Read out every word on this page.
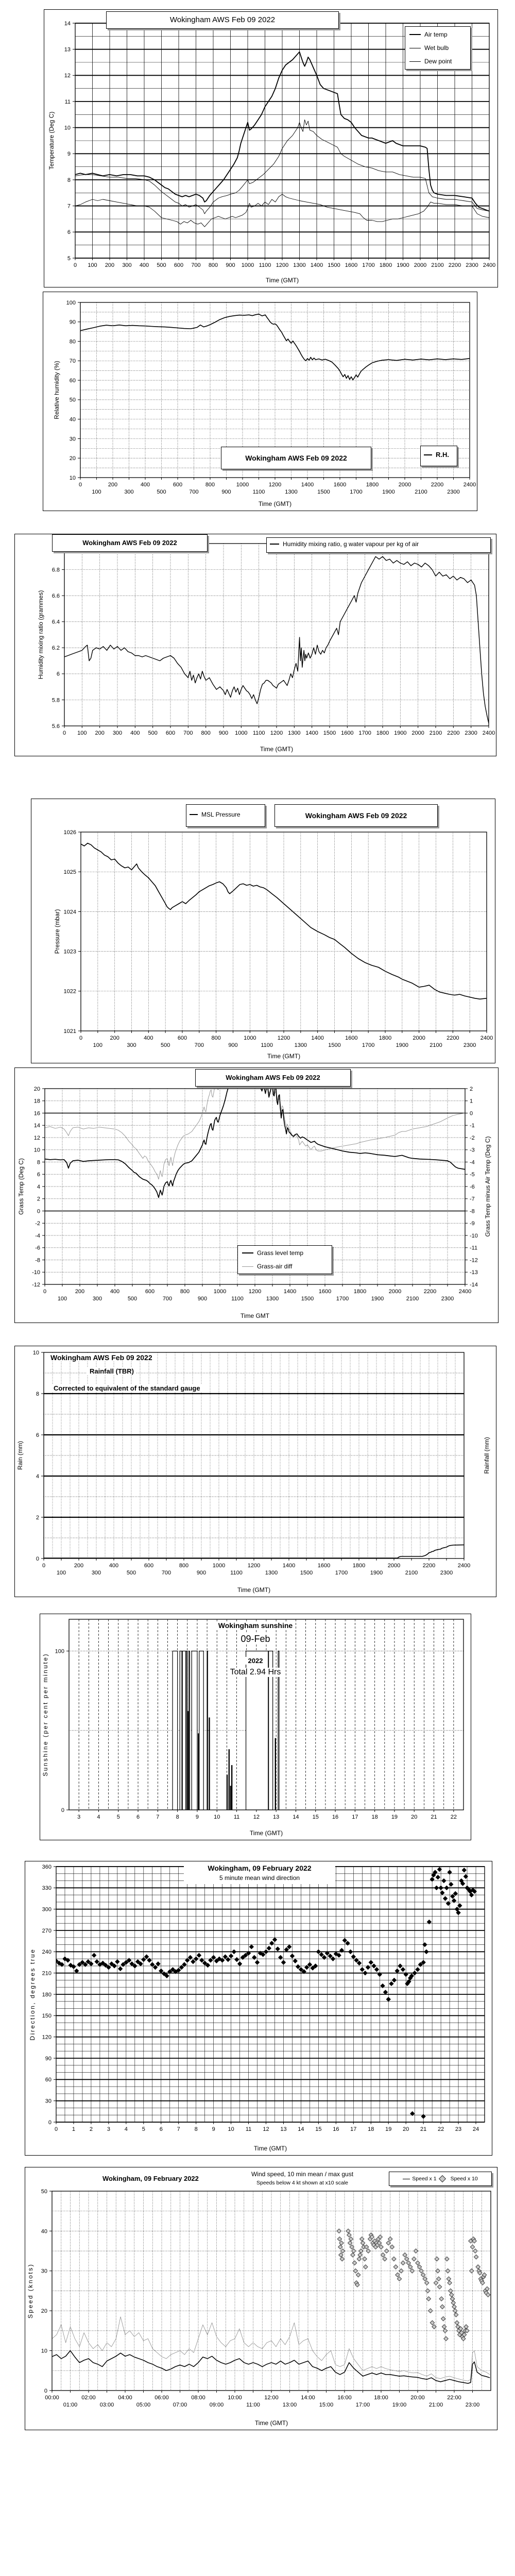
5
6
7
8
9
10
11
12
13
14
0 100 200 300 400 500 600 700 800 900 1000 1100 1200 1300 1400 1500 1600 1700 1800 1900 2000 2100 2200 2300 2400
Temperature (Deg C)
Time (GMT)
Wokingham AWS Feb 09 2022
Air temp
Wet bulb
Dew point
10
20
30
40
50
60
70
80
90
100
0
100
200
300
400
500
600
700
800
900
1000
1100
1200
1300
1400
1500
1600
1700
1800
1900
2000
2100
2200
2300
2400
Relative humidity (%)
Time (GMT)
Wokingham AWS Feb 09 2022	R.H.
5.6
5.8
6
6.2
6.4
6.6
6.8
0 100 200 300 400 500 600 700 800 900 1000 1100 1200 1300 1400 1500 1600 1700 1800 1900 2000 2100 2200 2300 2400
Humidity mixing ratio (grammes)
Time (GMT)
Wokingham AWS Feb 09 2022	Humidity mixing ratio, g water vapour per kg of air
1021
1022
1023
1024
1025
1026
0
100
200
300
400
500
600
700
800
900
1000
1100
1200
1300
1400
1500
1600
1700
1800
1900
2000
2100
2200
2300
2400
Pressure (mbar)
Time (GMT)
MSL Pressure	Wokingham AWS Feb 09 2022
-12
-10
-8
-6
-4
-2
0
2
4
6
8
10
12
14
16
18
20
-14
-13
-12
-11
-10
-9
-8
-7
-6
-5
-4
-3
-2
-1
0
1
2
0
100
200
300
400
500
600
700
800
900
1000
1100
1200
1300
1400
1500
1600
1700
1800
1900
2000
2100
2200
2300
2400
Grass Temp (Deg C)	Grass Temp minus Air Temp (Deg C)
Time GMT
Wokingham AWS Feb 09 2022
Grass level temp
Grass-air diff
0
2
4
6
8
10
0
100
200
300
400
500
600
700
800
900
1000
1100
1200
1300
1400
1500
1600
1700
1800
1900
2000
2100
2200
2300
2400
Rain (mm)	Rainfall (mm)
Time (GMT)
Wokingham AWS Feb 09 2022
Rainfall (TBR)
Corrected to equivalent of the standard gauge
0
100
3	4	5	6	7	8	9	10 11 12 13 14 15 16 17 18 19 20 21 22
Sunshine (per cent per minute)
Time (GMT)
Wokingham sunshine
09-Feb
2022
Total 2.94 Hrs
0
30
60
90
120
150
180
210
240
270
300
330
360
0	1	2	3	4	5	6	7	8	9 10 11 12 13 14 15 16 17 18 19 20 21 22 23 24
Direction, degrees true
Time (GMT)
Wokingham, 09 February 2022
5 minute mean wind direction
0
10
20
30
40
50
00:00
01:00
02:00
03:00
04:00
05:00
06:00
07:00
08:00
09:00
10:00
11:00
12:00
13:00
14:00
15:00
16:00
17:00
18:00
19:00
20:00
21:00
22:00
23:00
Speed (knots)
Time (GMT)
Wokingham, 09 February 2022
Wind speed, 10 min mean / max gust
Speeds below 4 kt shown at x10 scale
Speed x 1	Speed x 10
